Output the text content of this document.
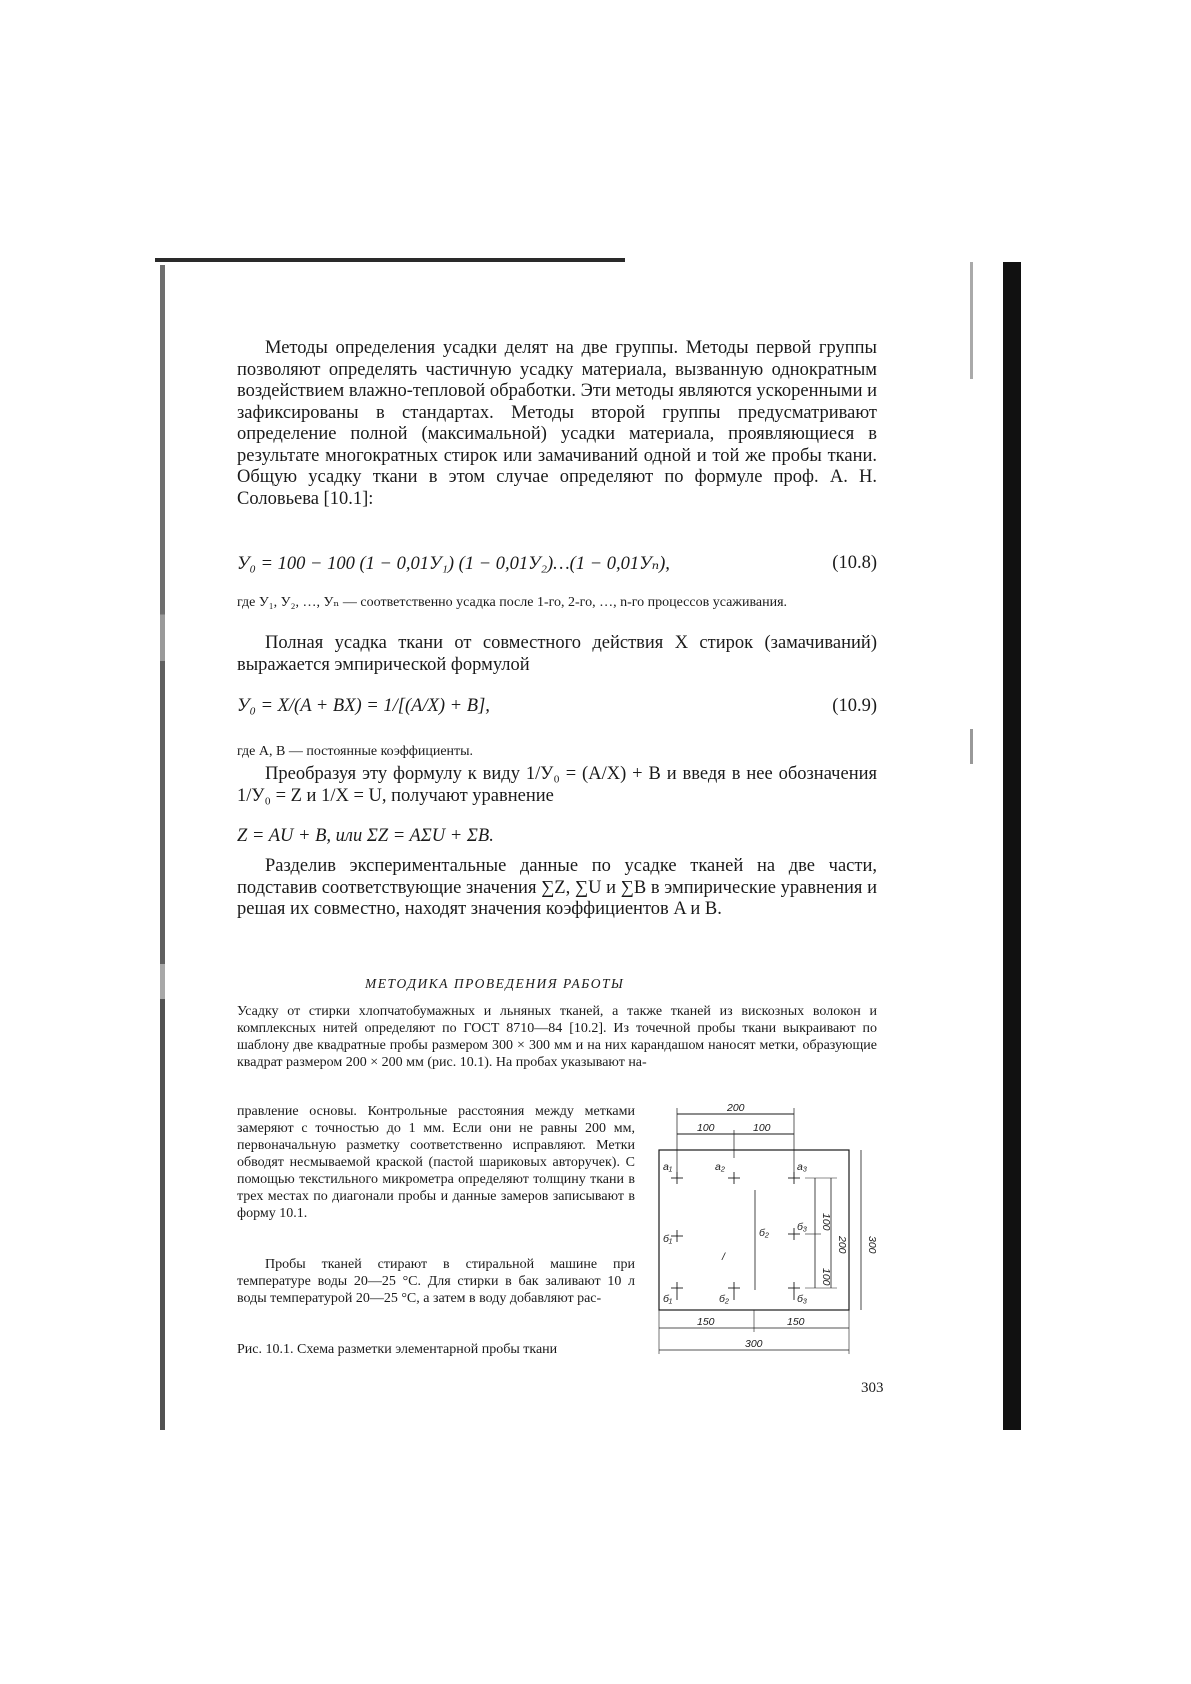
Методы определения усадки делят на две группы. Методы первой группы позволяют определять частичную усадку материала, вызванную однократным воздействием влажно-тепловой обработки. Эти методы являются ускоренными и зафиксированы в стандартах. Методы второй группы предусматривают определение полной (максимальной) усадки материала, проявляющиеся в результате многократных стирок или замачиваний одной и той же пробы ткани. Общую усадку ткани в этом случае определяют по формуле проф. А. Н. Соловьева [10.1]:
У₀ = 100 − 100 (1 − 0,01У₁) (1 − 0,01У₂)…(1 − 0,01Уₙ),	(10.8)
где У₁, У₂, …, Уₙ — соответственно усадка после 1-го, 2-го, …, n-го процессов усаживания.
Полная усадка ткани от совместного действия X стирок (замачиваний) выражается эмпирической формулой
У₀ = X/(A + BX) = 1/[(A/X) + B],	(10.9)
где A, B — постоянные коэффициенты.
Преобразуя эту формулу к виду 1/У₀ = (A/X) + B и введя в нее обозначения 1/У₀ = Z и 1/X = U, получают уравнение
Z = AU + B, или ΣZ = AΣU + ΣB.
Разделив экспериментальные данные по усадке тканей на две части, подставив соответствующие значения ∑Z, ∑U и ∑B в эмпирические уравнения и решая их совместно, находят значения коэффициентов A и B.
МЕТОДИКА ПРОВЕДЕНИЯ РАБОТЫ
Усадку от стирки хлопчатобумажных и льняных тканей, а также тканей из вискозных волокон и комплексных нитей определяют по ГОСТ 8710—84 [10.2]. Из точечной пробы ткани выкраивают по шаблону две квадратные пробы размером 300 × 300 мм и на них карандашом наносят метки, образующие квадрат размером 200 × 200 мм (рис. 10.1). На пробах указывают на-
правление основы. Контрольные расстояния между метками замеряют с точностью до 1 мм. Если они не равны 200 мм, первоначальную разметку соответственно исправляют. Метки обводят несмываемой краской (пастой шариковых авторучек). С помощью текстильного микрометра определяют толщину ткани в трех местах по диагонали пробы и данные замеров записывают в форму 10.1.
Пробы тканей стирают в стиральной машине при температуре воды 20—25 °C. Для стирки в бак заливают 10 л воды температурой 20—25 °C, а затем в воду добавляют рас-
200
100	100
a₁	a₂	a₃
б₁	б₂	б₃
/
б₁	б₂	б₃
100
100
200 300
150	150
300
Рис. 10.1. Схема разметки элементарной пробы ткани
303
